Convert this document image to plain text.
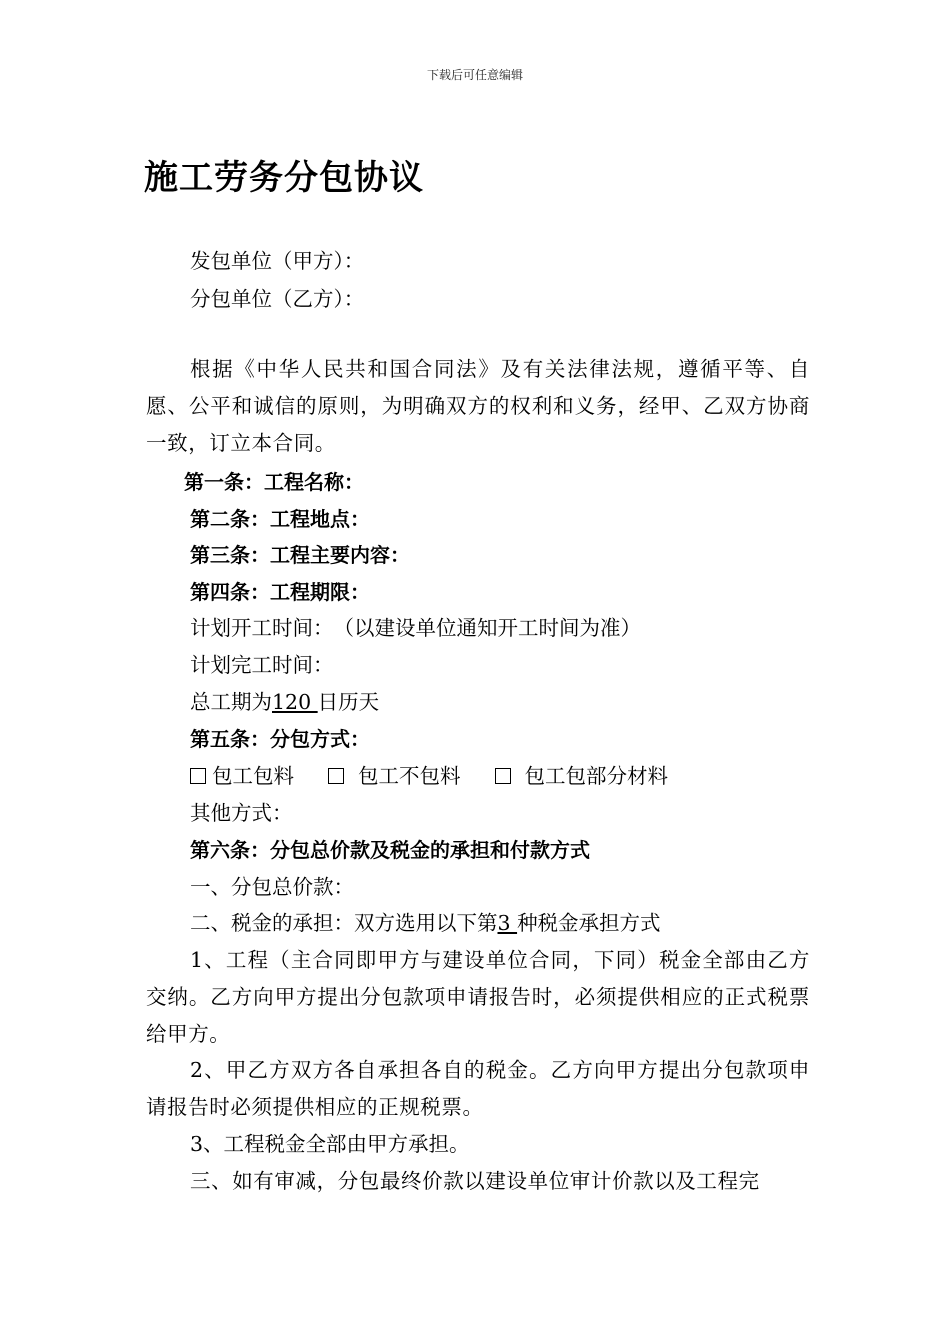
下载后可任意编辑
施工劳务分包协议
发包单位（甲方）：
分包单位（乙方）：
根据《中华人民共和国合同法》及有关法律法规，遵循平等、自愿、公平和诚信的原则，为明确双方的权利和义务，经甲、乙双方协商一致，订立本合同。
第一条：工程名称：
第二条：工程地点：
第三条：工程主要内容：
第四条：工程期限：
计划开工时间：　（以建设单位通知开工时间为准）
计划完工时间：
总工期为120 日历天
第五条：分包方式：
包工包料	包工不包料	包工包部分材料
其他方式：
第六条：分包总价款及税金的承担和付款方式
一、分包总价款：
二、税金的承担：双方选用以下第3 种税金承担方式
1、工程（主合同即甲方与建设单位合同，下同）税金全部由乙方交纳。乙方向甲方提出分包款项申请报告时，必须提供相应的正式税票给甲方。
2、甲乙方双方各自承担各自的税金。乙方向甲方提出分包款项申请报告时必须提供相应的正规税票。
3、工程税金全部由甲方承担。
三、如有审减，分包最终价款以建设单位审计价款以及工程完
